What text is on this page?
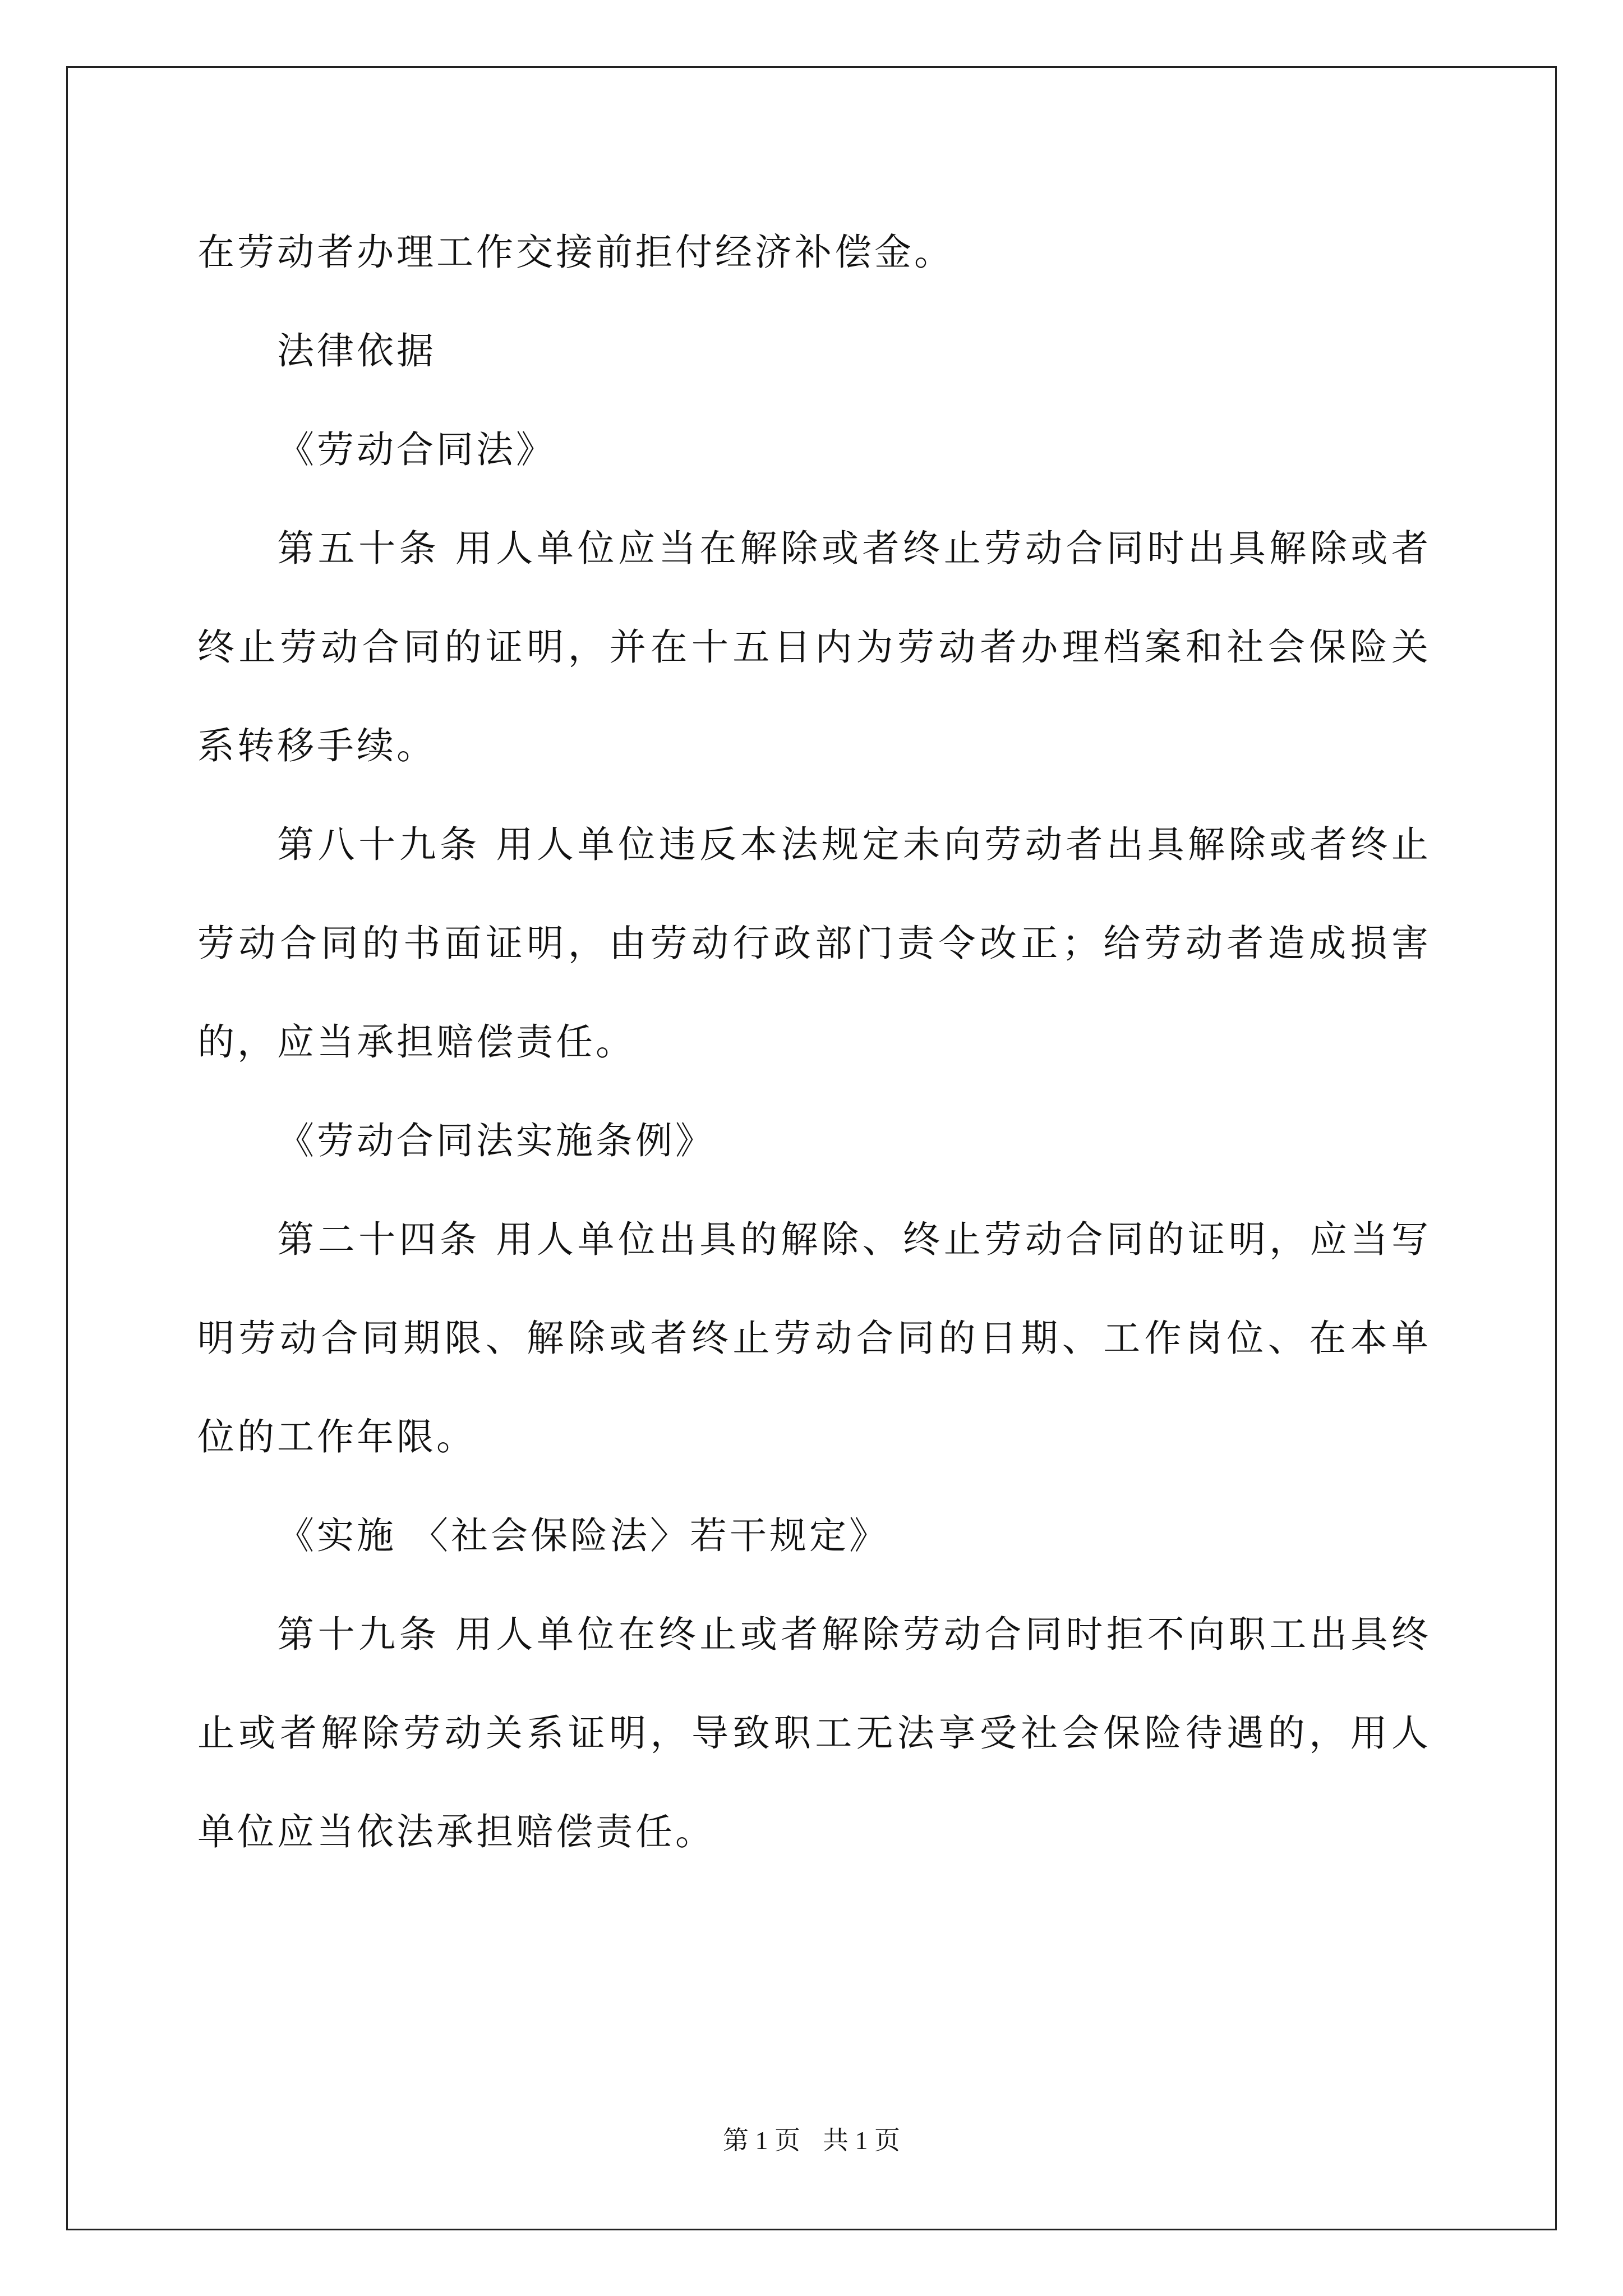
在劳动者办理工作交接前拒付经济补偿金。

法律依据

《劳动合同法》

第五十条 用人单位应当在解除或者终止劳动合同时出具解除或者终止劳动合同的证明，并在十五日内为劳动者办理档案和社会保险关系转移手续。

第八十九条 用人单位违反本法规定未向劳动者出具解除或者终止劳动合同的书面证明，由劳动行政部门责令改正；给劳动者造成损害的，应当承担赔偿责任。

《劳动合同法实施条例》

第二十四条 用人单位出具的解除、终止劳动合同的证明，应当写明劳动合同期限、解除或者终止劳动合同的日期、工作岗位、在本单位的工作年限。

《实施 〈社会保险法〉若干规定》

第十九条 用人单位在终止或者解除劳动合同时拒不向职工出具终止或者解除劳动关系证明，导致职工无法享受社会保险待遇的，用人单位应当依法承担赔偿责任。

第 1 页 共 1 页
